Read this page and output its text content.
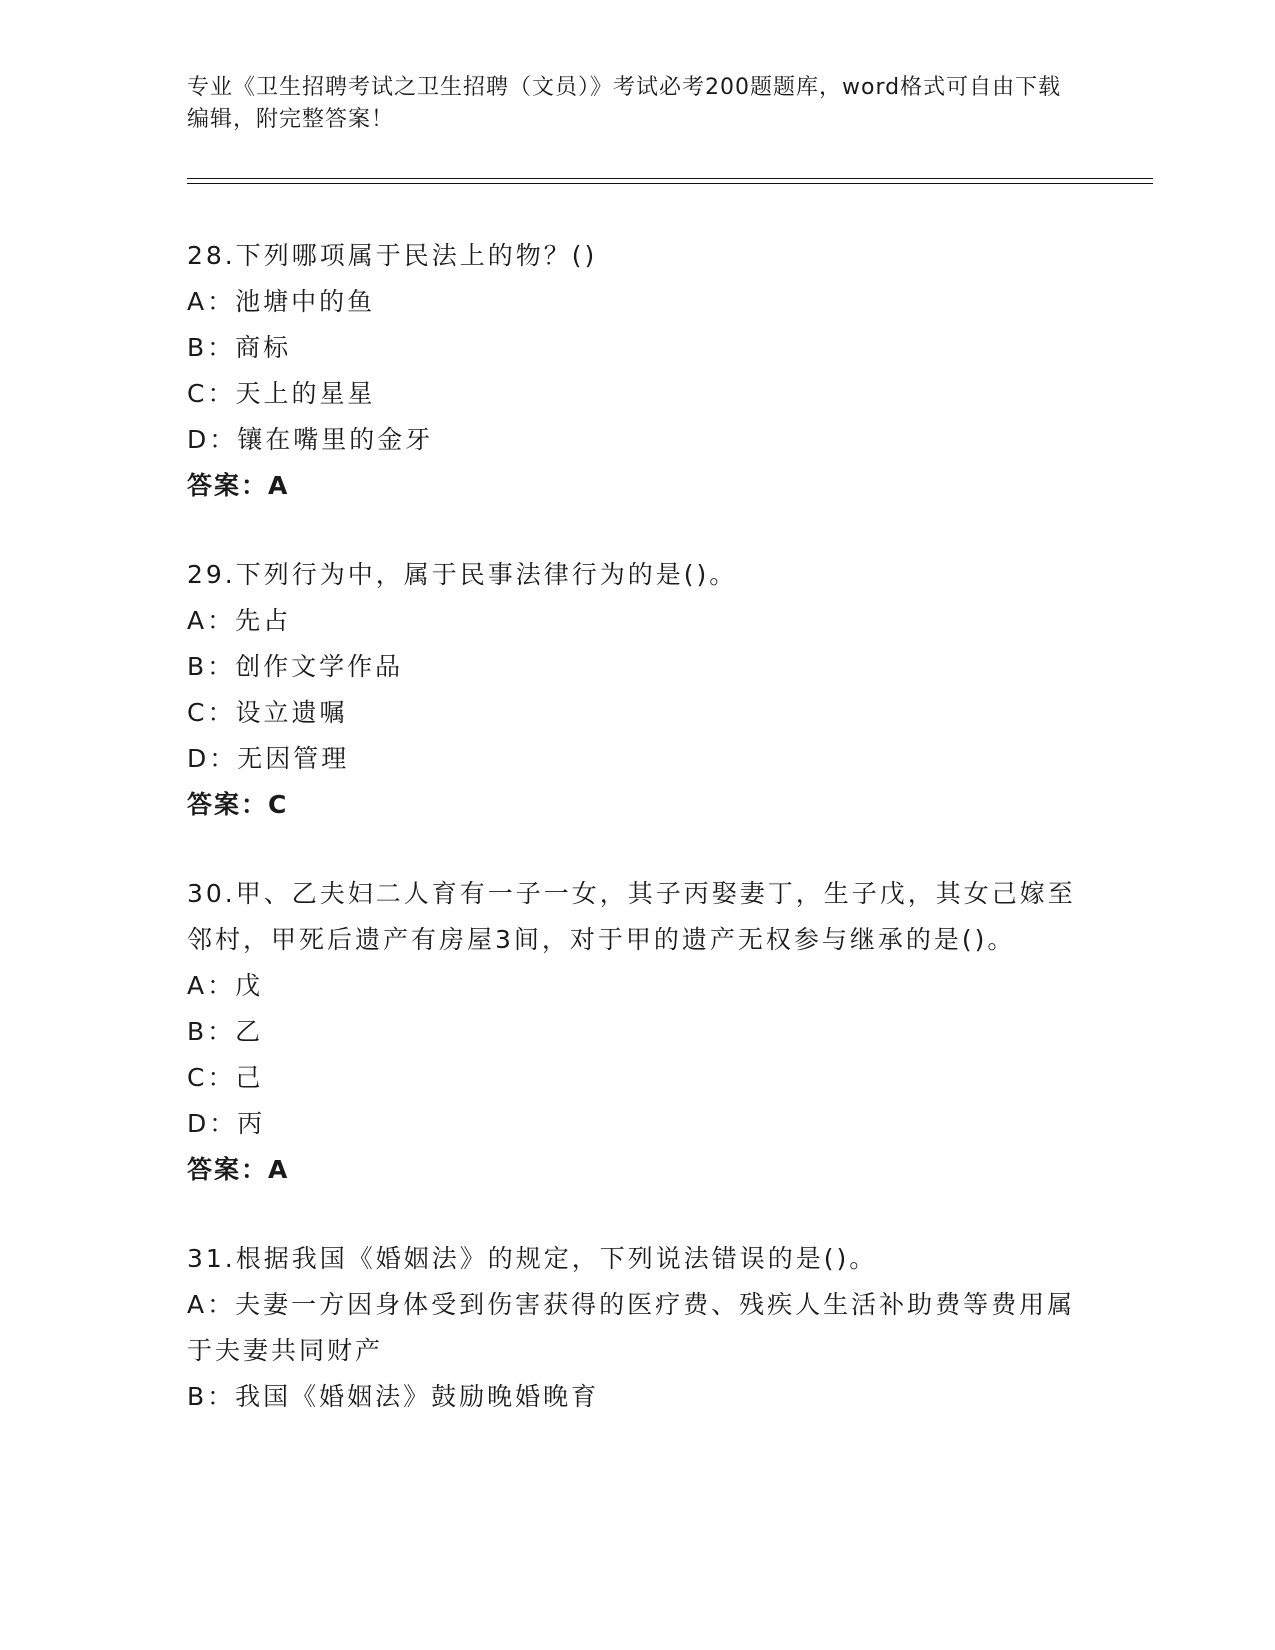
专业《卫生招聘考试之卫生招聘（文员）》考试必考200题题库，word格式可自由下载编辑，附完整答案！
28.下列哪项属于民法上的物？()
A：池塘中的鱼
B：商标
C：天上的星星
D：镶在嘴里的金牙
答案：A
29.下列行为中，属于民事法律行为的是()。
A：先占
B：创作文学作品
C：设立遗嘱
D：无因管理
答案：C
30.甲、乙夫妇二人育有一子一女，其子丙娶妻丁，生子戊，其女己嫁至邻村，甲死后遗产有房屋3间，对于甲的遗产无权参与继承的是()。
A：戊
B：乙
C：己
D：丙
答案：A
31.根据我国《婚姻法》的规定，下列说法错误的是()。
A：夫妻一方因身体受到伤害获得的医疗费、残疾人生活补助费等费用属于夫妻共同财产
B：我国《婚姻法》鼓励晚婚晚育
